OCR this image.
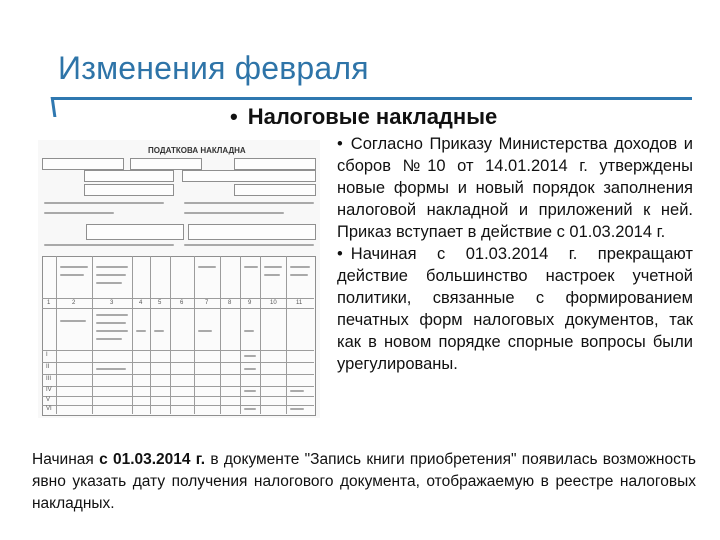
Изменения февраля
• Налоговые накладные
ПОДАТКОВА НАКЛАДНА
1	2	3	4	5	6	7	8	9	10	11
I
II
III
IV
V
VI

• Согласно Приказу Министерства доходов и сборов №10 от 14.01.2014 г. утверждены новые формы и новый порядок заполнения налоговой накладной и приложений к ней. Приказ вступает в действие с 01.03.2014 г.

• Начиная с 01.03.2014 г. прекращают действие большинство настроек учетной политики, связанные с формированием печатных форм налоговых документов, так как в новом порядке спорные вопросы были урегулированы.

Начиная с 01.03.2014 г. в документе "Запись книги приобретения" появилась возможность явно указать дату получения налогового документа, отображаемую в реестре налоговых накладных.
